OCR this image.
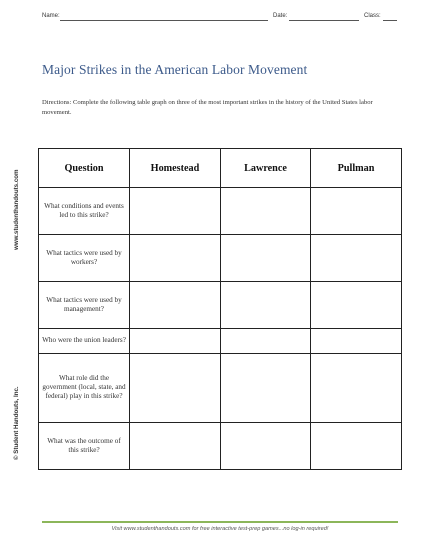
Name:	Date:	Class:
Major Strikes in the American Labor Movement
Directions: Complete the following table graph on three of the most important strikes in the history of the United States labor movement.
www.studenthandouts.com
© Student Handouts, Inc.
Question	Homestead	Lawrence	Pullman
What conditions and events led to this strike?			
What tactics were used by workers?			
What tactics were used by management?			
Who were the union leaders?			
What role did the government (local, state, and federal) play in this strike?			
What was the outcome of this strike?			
Visit www.studenthandouts.com for free interactive test-prep games...no log-in required!
